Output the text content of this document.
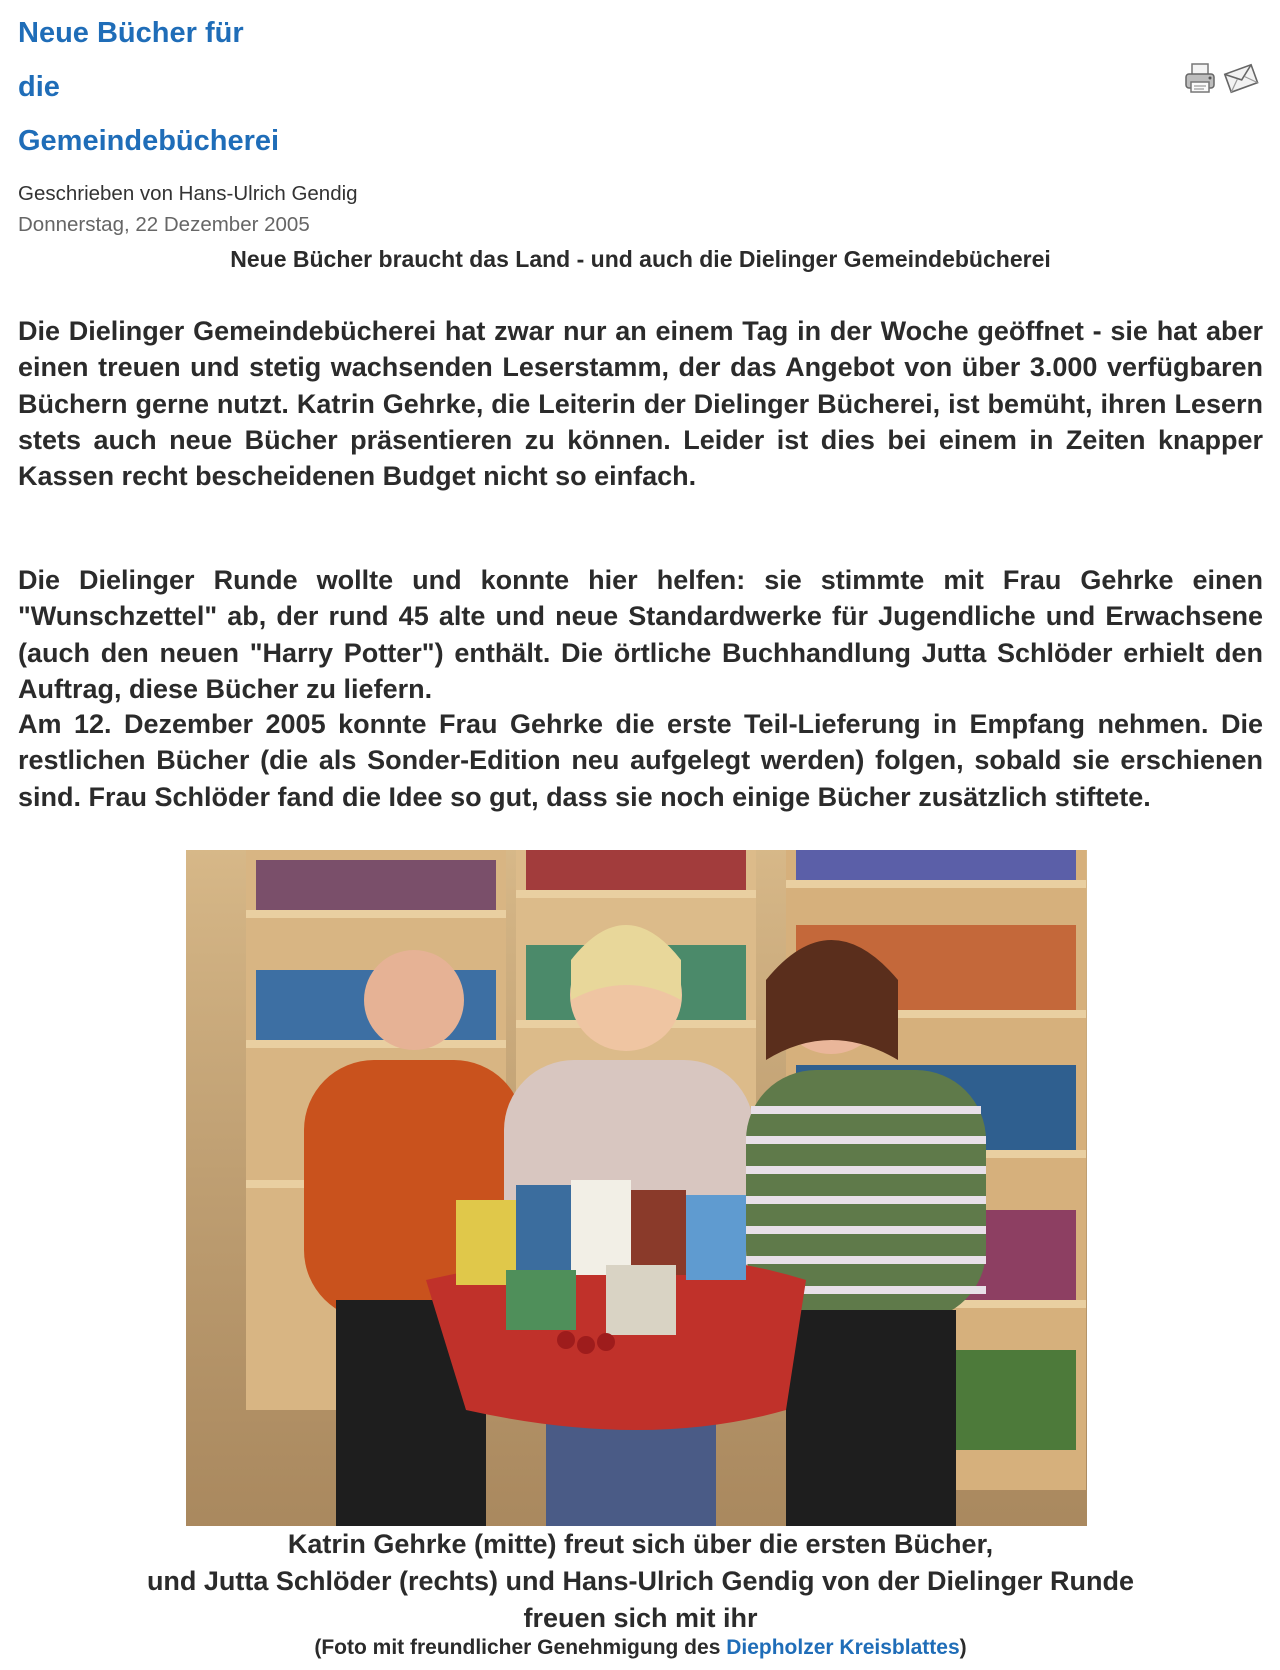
Neue Bücher für
die
Gemeindebücherei
Geschrieben von Hans-Ulrich Gendig
Donnerstag, 22 Dezember 2005
Neue Bücher braucht das Land - und auch die Dielinger Gemeindebücherei

Die Dielinger Gemeindebücherei hat zwar nur an einem Tag in der Woche geöffnet - sie hat aber einen treuen und stetig wachsenden Leserstamm, der das Angebot von über 3.000 verfügbaren Büchern gerne nutzt. Katrin Gehrke, die Leiterin der Dielinger Bücherei, ist bemüht, ihren Lesern stets auch neue Bücher präsentieren zu können. Leider ist dies bei einem in Zeiten knapper Kassen recht bescheidenen Budget nicht so einfach.

Die Dielinger Runde wollte und konnte hier helfen: sie stimmte mit Frau Gehrke einen "Wunschzettel" ab, der rund 45 alte und neue Standardwerke für Jugendliche und Erwachsene (auch den neuen "Harry Potter") enthält. Die örtliche Buchhandlung Jutta Schlöder erhielt den Auftrag, diese Bücher zu liefern.

Am 12. Dezember 2005 konnte Frau Gehrke die erste Teil-Lieferung in Empfang nehmen. Die restlichen Bücher (die als Sonder-Edition neu aufgelegt werden) folgen, sobald sie erschienen sind. Frau Schlöder fand die Idee so gut, dass sie noch einige Bücher zusätzlich stiftete.

Katrin Gehrke (mitte) freut sich über die ersten Bücher,
und Jutta Schlöder (rechts) und Hans-Ulrich Gendig von der Dielinger Runde
freuen sich mit ihr
(Foto mit freundlicher Genehmigung des Diepholzer Kreisblattes)
